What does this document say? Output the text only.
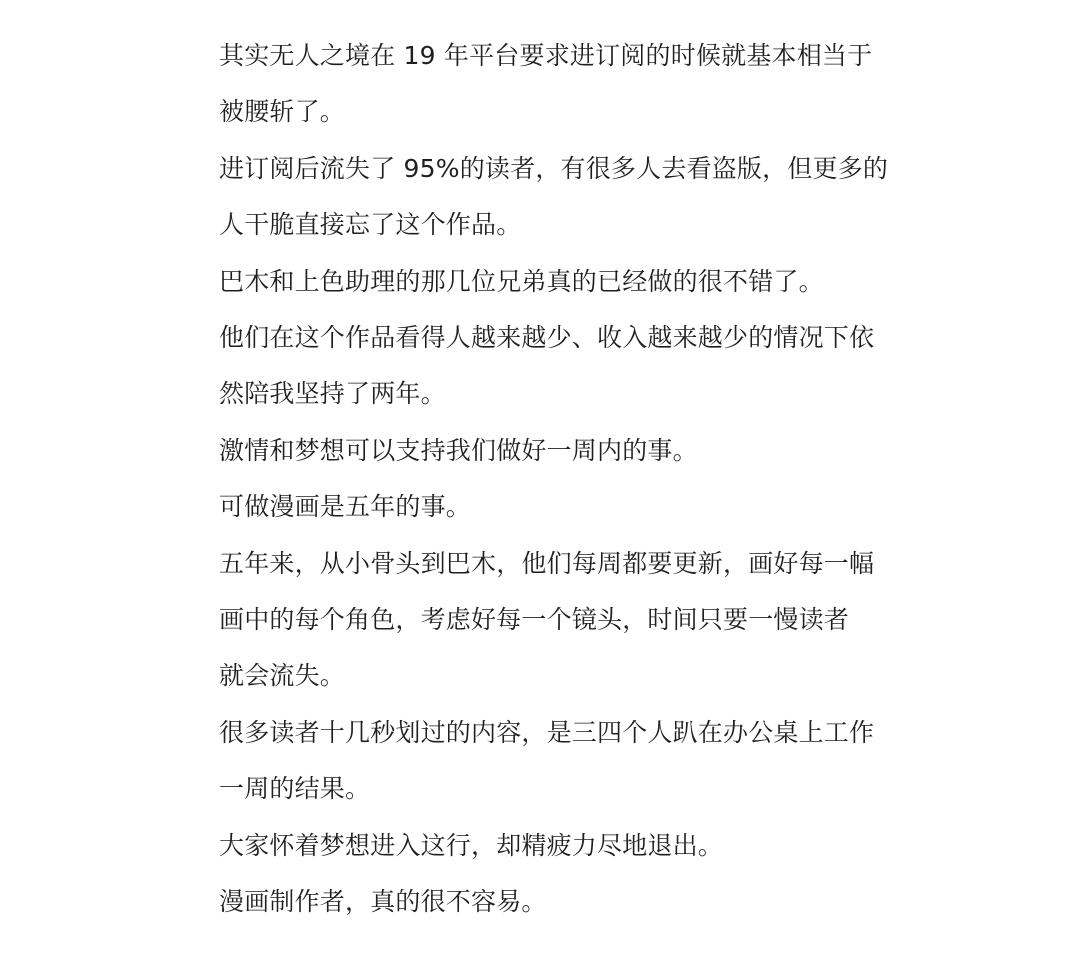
其实无人之境在 19 年平台要求进订阅的时候就基本相当于
被腰斩了。

进订阅后流失了 95%的读者，有很多人去看盗版，但更多的
人干脆直接忘了这个作品。

巴木和上色助理的那几位兄弟真的已经做的很不错了。

他们在这个作品看得人越来越少、收入越来越少的情况下依
然陪我坚持了两年。

激情和梦想可以支持我们做好一周内的事。

可做漫画是五年的事。

五年来，从小骨头到巴木，他们每周都要更新，画好每一幅
画中的每个角色，考虑好每一个镜头，时间只要一慢读者
就会流失。

很多读者十几秒划过的内容，是三四个人趴在办公桌上工作
一周的结果。

大家怀着梦想进入这行，却精疲力尽地退出。

漫画制作者，真的很不容易。
